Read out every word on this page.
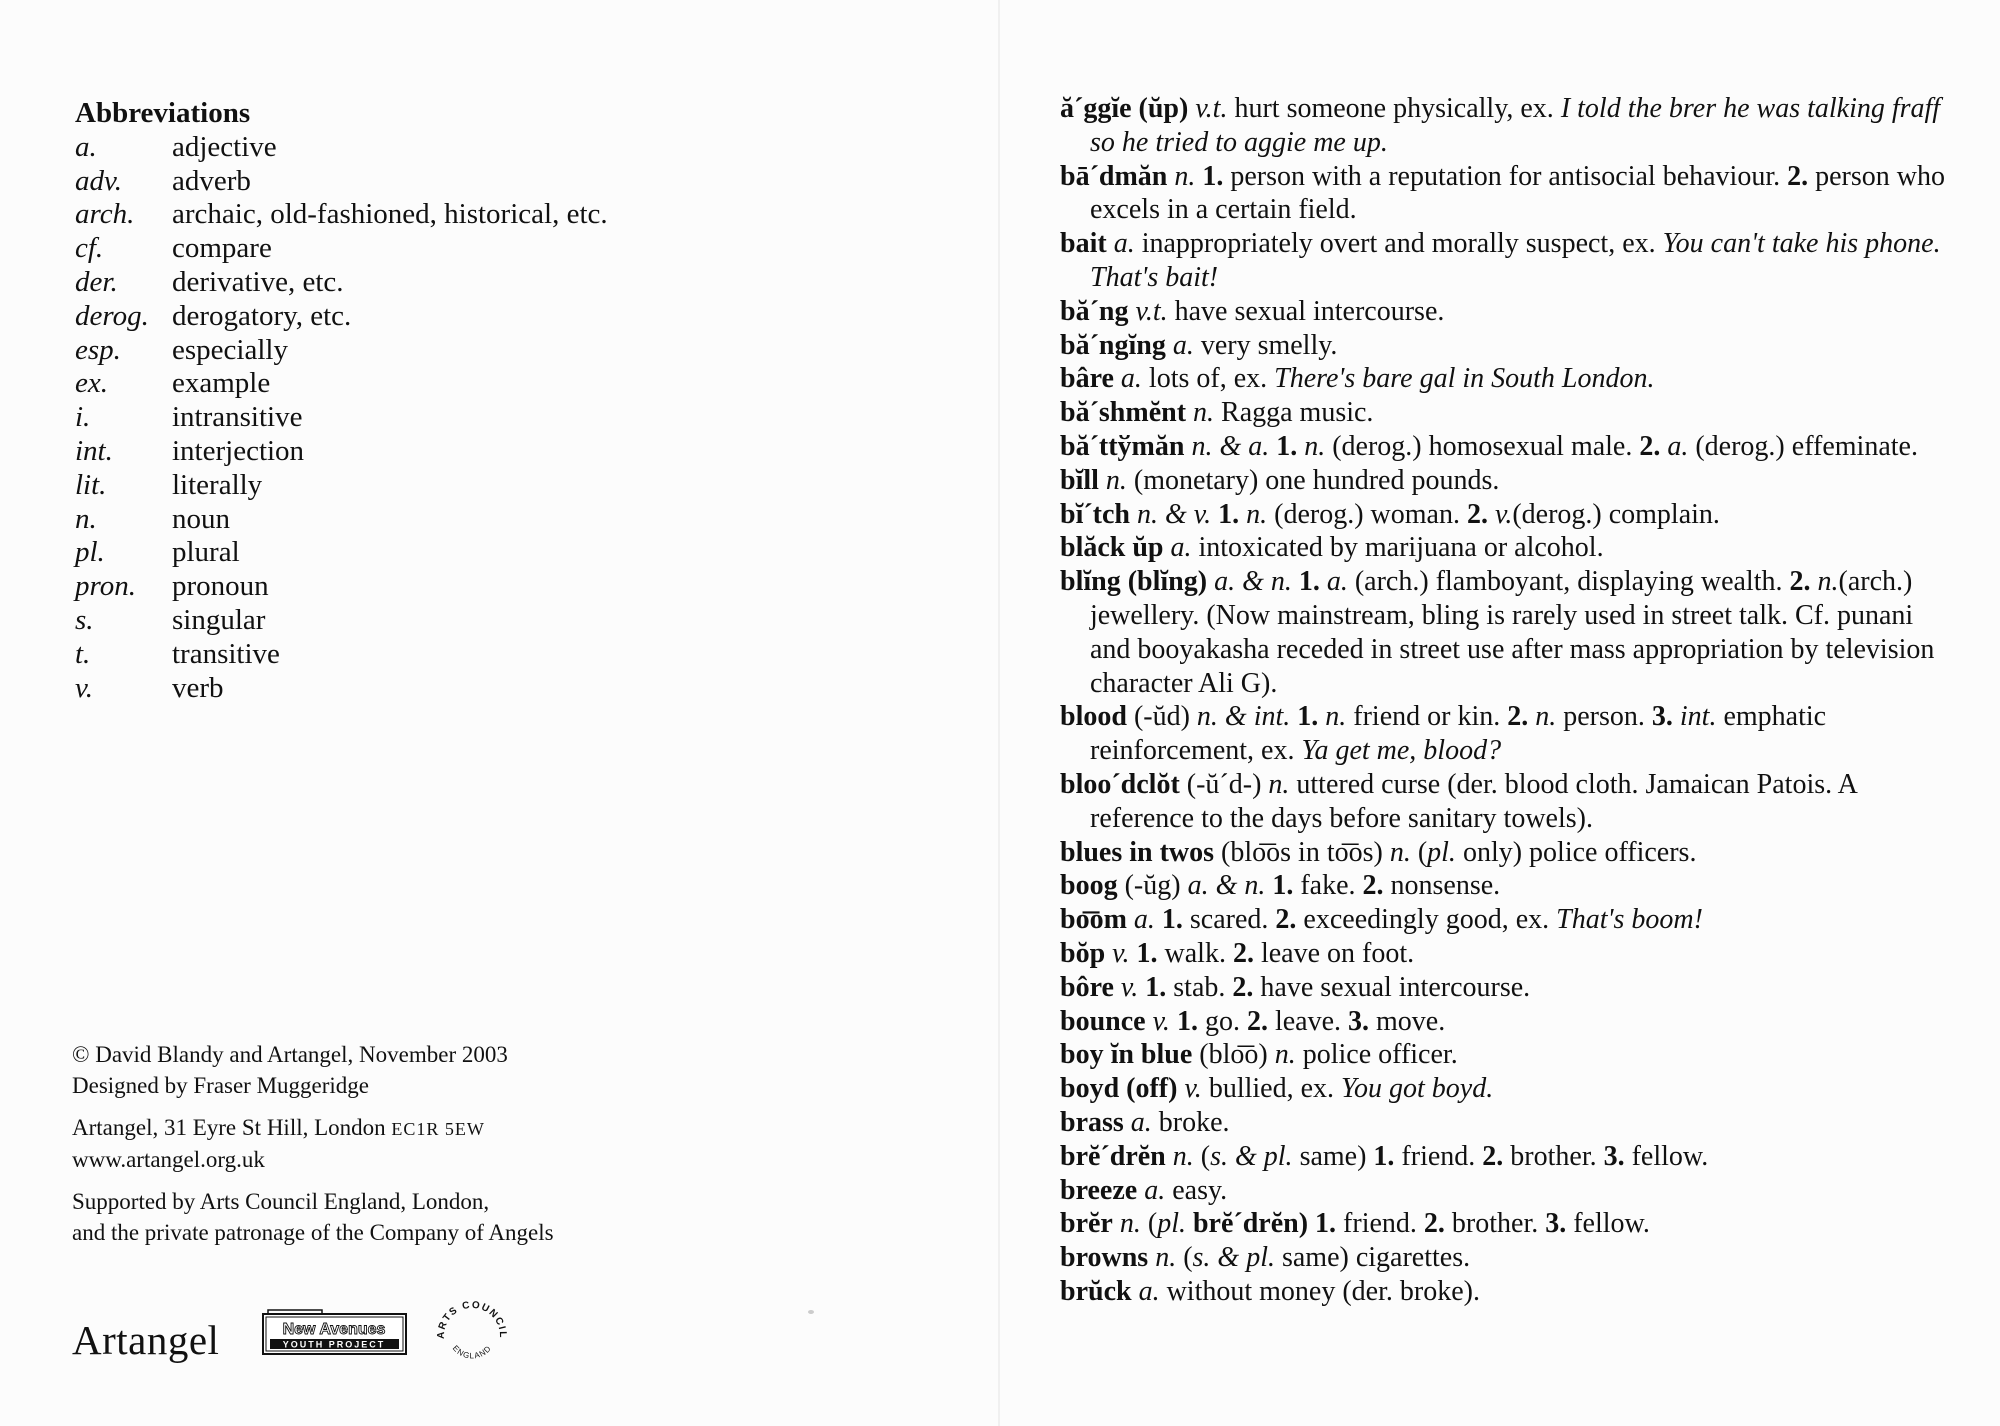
Abbreviations
a.	adjective
adv.	adverb
arch.	archaic, old-fashioned, historical, etc.
cf.	compare
der.	derivative, etc.
derog. derogatory, etc.
esp.	especially
ex.	example
i.	intransitive
int.	interjection
lit.	literally
n.	noun
pl.	plural
pron.	pronoun
s.	singular
t.	transitive
v.	verb

© David Blandy and Artangel, November 2003
Designed by Fraser Muggeridge

Artangel, 31 Eyre St Hill, London EC1R 5EW
www.artangel.org.uk

Supported by Arts Council England, London,
and the private patronage of the Company of Angels

Artangel	New Avenues
YOUTH PROJECT
ARTS COUNCIL
ENGLAND
ă´ggĭe (ŭp) v.t. hurt someone physically, ex. I told the brer he was talking fraff so he tried to aggie me up.
bā´dmăn n. 1. person with a reputation for antisocial behaviour. 2. person who excels in a certain field.
bait a. inappropriately overt and morally suspect, ex. You can't take his phone. That's bait!
bă´ng v.t. have sexual intercourse.
bă´ngĭng a. very smelly.
bâre a. lots of, ex. There's bare gal in South London.
bă´shmĕnt n. Ragga music.
bă´ttўmăn n. & a. 1. n. (derog.) homosexual male. 2. a. (derog.) effeminate.
bĭll n. (monetary) one hundred pounds.
bĭ´tch n. & v. 1. n. (derog.) woman. 2. v.(derog.) complain.
blăck ŭp a. intoxicated by marijuana or alcohol.
blĭng (blĭng) a. & n. 1. a. (arch.) flamboyant, displaying wealth. 2. n.(arch.) jewellery. (Now mainstream, bling is rarely used in street talk. Cf. punani and booyakasha receded in street use after mass appropriation by television character Ali G).
blood (-ŭd) n. & int. 1. n. friend or kin. 2. n. person. 3. int. emphatic reinforcement, ex. Ya get me, blood?
bloo´dclŏt (-ŭ´d-) n. uttered curse (der. blood cloth. Jamaican Patois. A reference to the days before sanitary towels).
blues in twos (blo͞os in to͞os) n. (pl. only) police officers.
boog (-ŭg) a. & n. 1. fake. 2. nonsense.
bo͞om a. 1. scared. 2. exceedingly good, ex. That's boom!
bŏp v. 1. walk. 2. leave on foot.
bôre v. 1. stab. 2. have sexual intercourse.
bounce v. 1. go. 2. leave. 3. move.
boy ĭn blue (blo͞o) n. police officer.
boyd (off) v. bullied, ex. You got boyd.
brass a. broke.
brĕ´drĕn n. (s. & pl. same) 1. friend. 2. brother. 3. fellow.
breeze a. easy.
brĕr n. (pl. brĕ´drĕn) 1. friend. 2. brother. 3. fellow.
browns n. (s. & pl. same) cigarettes.
brŭck a. without money (der. broke).
